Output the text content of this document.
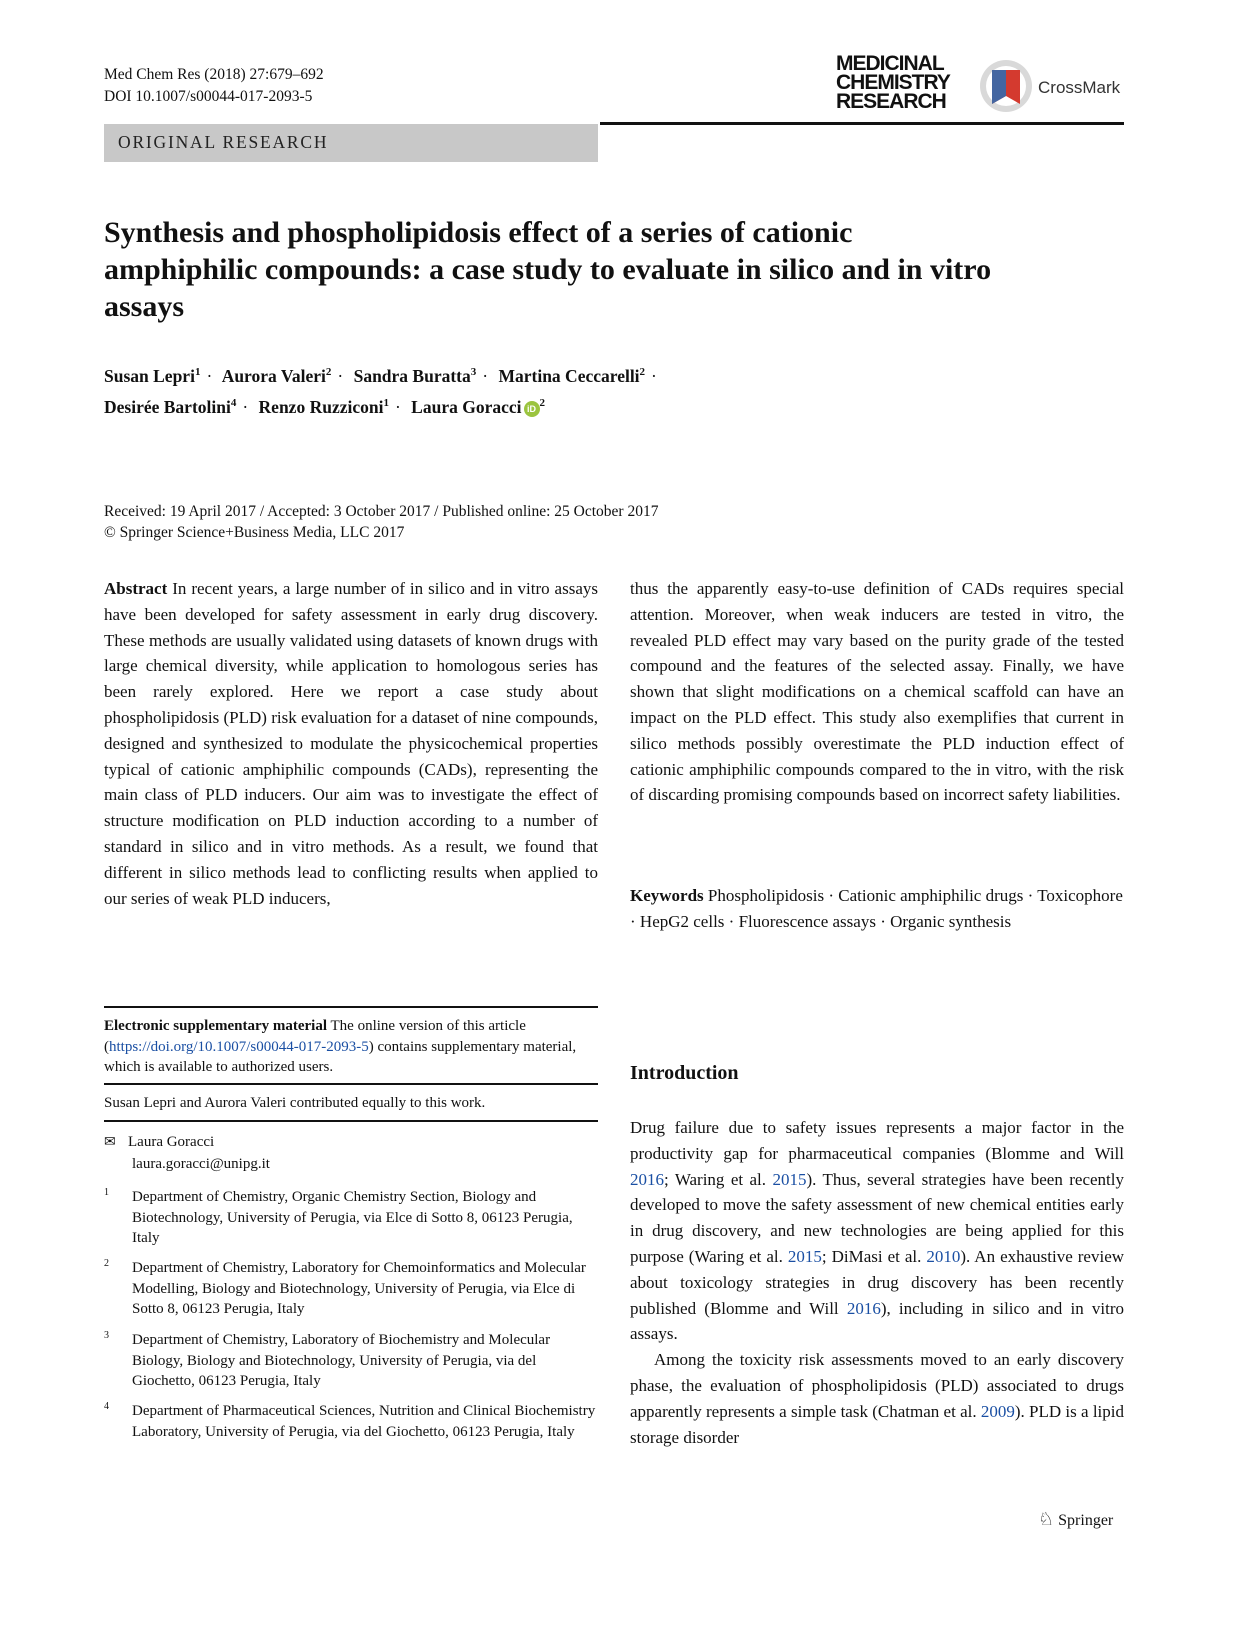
Med Chem Res (2018) 27:679–692
DOI 10.1007/s00044-017-2093-5
MEDICINAL
CHEMISTRY
RESEARCH
CrossMark
ORIGINAL RESEARCH
Synthesis and phospholipidosis effect of a series of cationic amphiphilic compounds: a case study to evaluate in silico and in vitro assays
Susan Lepri$^1$ · Aurora Valeri$^2$ · Sandra Buratta$^3$ · Martina Ceccarelli$^2$ ·
Desirée Bartolini$^4$ · Renzo Ruzziconi$^1$ · Laura Goracci iD $^2$
Received: 19 April 2017 / Accepted: 3 October 2017 / Published online: 25 October 2017
© Springer Science+Business Media, LLC 2017
Abstract In recent years, a large number of in silico and in vitro assays have been developed for safety assessment in early drug discovery. These methods are usually validated using datasets of known drugs with large chemical diversity, while application to homologous series has been rarely explored. Here we report a case study about phospholipidosis (PLD) risk evaluation for a dataset of nine compounds, designed and synthesized to modulate the physicochemical properties typical of cationic amphiphilic compounds (CADs), representing the main class of PLD inducers. Our aim was to investigate the effect of structure modification on PLD induction according to a number of standard in silico and in vitro methods. As a result, we found that different in silico methods lead to conflicting results when applied to our series of weak PLD inducers,
thus the apparently easy-to-use definition of CADs requires special attention. Moreover, when weak inducers are tested in vitro, the revealed PLD effect may vary based on the purity grade of the tested compound and the features of the selected assay. Finally, we have shown that slight modifications on a chemical scaffold can have an impact on the PLD effect. This study also exemplifies that current in silico methods possibly overestimate the PLD induction effect of cationic amphiphilic compounds compared to the in vitro, with the risk of discarding promising compounds based on incorrect safety liabilities.
Keywords Phospholipidosis · Cationic amphiphilic drugs · Toxicophore · HepG2 cells · Fluorescence assays · Organic synthesis
Electronic supplementary material The online version of this article (https://doi.org/10.1007/s00044-017-2093-5) contains supplementary material, which is available to authorized users.
Susan Lepri and Aurora Valeri contributed equally to this work.
✉ Laura Goracci
laura.goracci@unipg.it
1 Department of Chemistry, Organic Chemistry Section, Biology and Biotechnology, University of Perugia, via Elce di Sotto 8, 06123 Perugia, Italy
2 Department of Chemistry, Laboratory for Chemoinformatics and Molecular Modelling, Biology and Biotechnology, University of Perugia, via Elce di Sotto 8, 06123 Perugia, Italy
3 Department of Chemistry, Laboratory of Biochemistry and Molecular Biology, Biology and Biotechnology, University of Perugia, via del Giochetto, 06123 Perugia, Italy
4 Department of Pharmaceutical Sciences, Nutrition and Clinical Biochemistry Laboratory, University of Perugia, via del Giochetto, 06123 Perugia, Italy
Introduction

Drug failure due to safety issues represents a major factor in the productivity gap for pharmaceutical companies (Blomme and Will 2016; Waring et al. 2015). Thus, several strategies have been recently developed to move the safety assessment of new chemical entities early in drug discovery, and new technologies are being applied for this purpose (Waring et al. 2015; DiMasi et al. 2010). An exhaustive review about toxicology strategies in drug discovery has been recently published (Blomme and Will 2016), including in silico and in vitro assays.

Among the toxicity risk assessments moved to an early discovery phase, the evaluation of phospholipidosis (PLD) associated to drugs apparently represents a simple task (Chatman et al. 2009). PLD is a lipid storage disorder

♘ Springer
